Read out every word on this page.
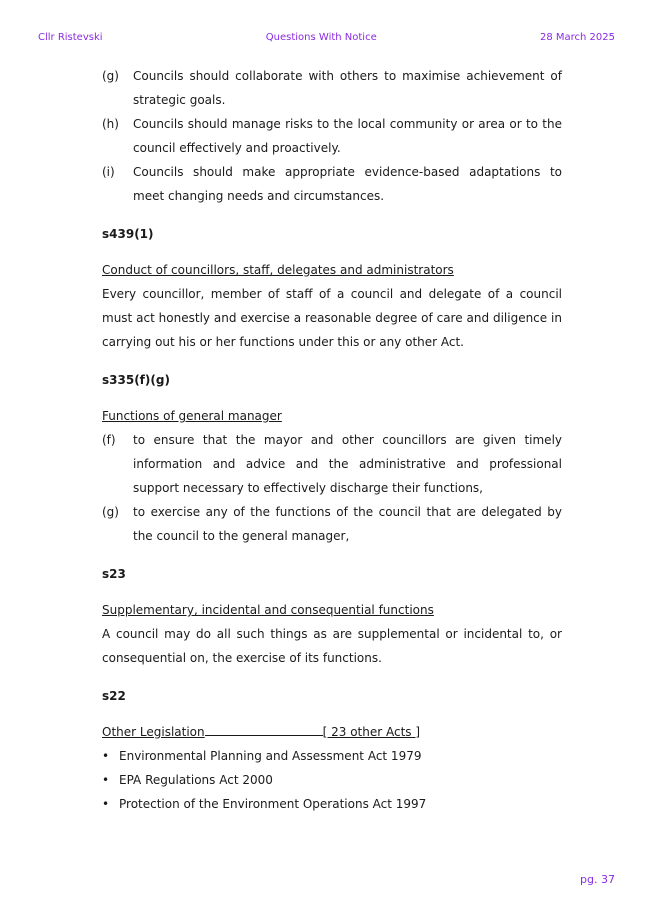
Cllr Ristevski	Questions With Notice	28 March 2025
(g)	Councils should collaborate with others to maximise achievement of strategic goals.
(h)	Councils should manage risks to the local community or area or to the council effectively and proactively.
(i)	Councils should make appropriate evidence-based adaptations to meet changing needs and circumstances.
s439(1)
Conduct of councillors, staff, delegates and administrators
Every councillor, member of staff of a council and delegate of a council must act honestly and exercise a reasonable degree of care and diligence in carrying out his or her functions under this or any other Act.
s335(f)(g)
Functions of general manager
(f)	to ensure that the mayor and other councillors are given timely information and advice and the administrative and professional support necessary to effectively discharge their functions,
(g)	to exercise any of the functions of the council that are delegated by the council to the general manager,
s23
Supplementary, incidental and consequential functions
A council may do all such things as are supplemental or incidental to, or consequential on, the exercise of its functions.
s22
Other Legislation	[ 23 other Acts ]
• Environmental Planning and Assessment Act 1979
• EPA Regulations Act 2000
• Protection of the Environment Operations Act 1997
pg. 37
